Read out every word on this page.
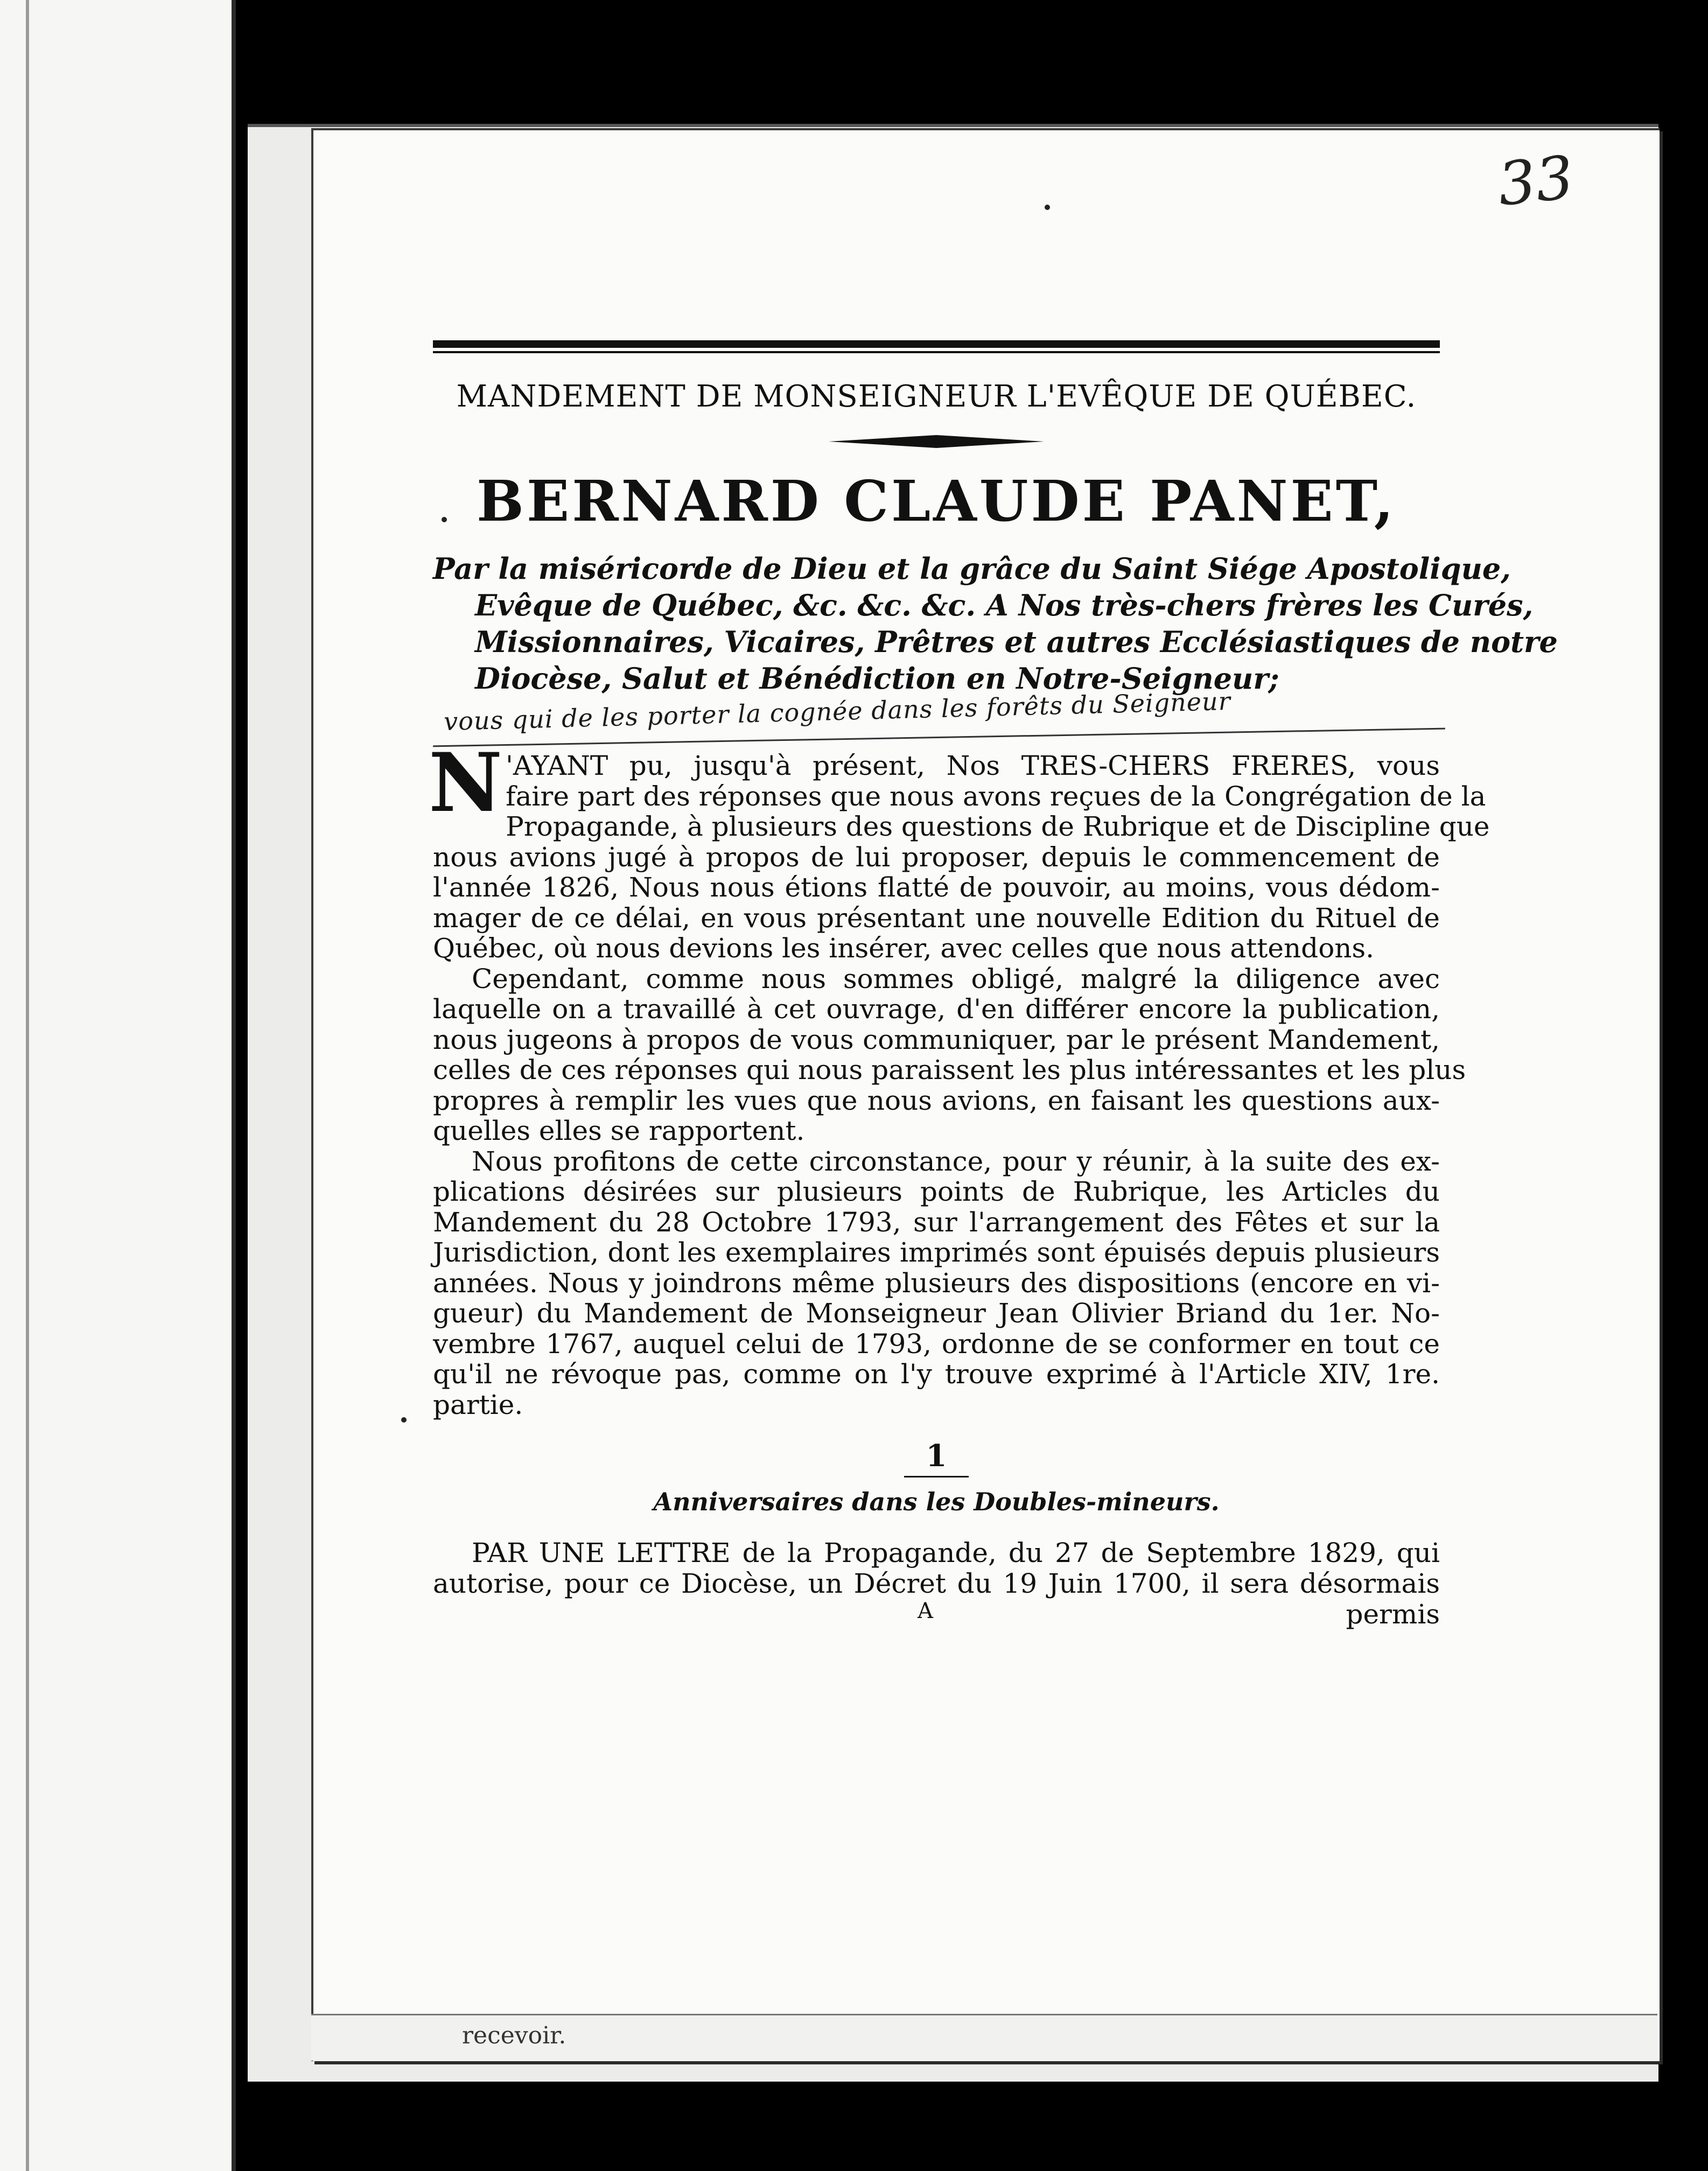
33
MANDEMENT DE MONSEIGNEUR L'EVÊQUE DE QUÉBEC.
BERNARD CLAUDE PANET,
Par la miséricorde de Dieu et la grâce du Saint Siége Apostolique,
Evêque de Québec, &c. &c. &c. A Nos très-chers frères les Curés,
Missionnaires, Vicaires, Prêtres et autres Ecclésiastiques de notre
Diocèse, Salut et Bénédiction en Notre-Seigneur;
vous qui de les porter la cognée dans les forêts du Seigneur
N 'AYANT pu, jusqu'à présent, Nos TRES-CHERS FRERES, vous
faire part des réponses que nous avons reçues de la Congrégation de la
Propagande, à plusieurs des questions de Rubrique et de Discipline que
nous avions jugé à propos de lui proposer, depuis le commencement de
l'année 1826, Nous nous étions flatté de pouvoir, au moins, vous dédom-
mager de ce délai, en vous présentant une nouvelle Edition du Rituel de
Québec, où nous devions les insérer, avec celles que nous attendons.
Cependant, comme nous sommes obligé, malgré la diligence avec
laquelle on a travaillé à cet ouvrage, d'en différer encore la publication,
nous jugeons à propos de vous communiquer, par le présent Mandement,
celles de ces réponses qui nous paraissent les plus intéressantes et les plus
propres à remplir les vues que nous avions, en faisant les questions aux-
quelles elles se rapportent.
Nous profitons de cette circonstance, pour y réunir, à la suite des ex-
plications désirées sur plusieurs points de Rubrique, les Articles du
Mandement du 28 Octobre 1793, sur l'arrangement des Fêtes et sur la
Jurisdiction, dont les exemplaires imprimés sont épuisés depuis plusieurs
années. Nous y joindrons même plusieurs des dispositions (encore en vi-
gueur) du Mandement de Monseigneur Jean Olivier Briand du 1er. No-
vembre 1767, auquel celui de 1793, ordonne de se conformer en tout ce
qu'il ne révoque pas, comme on l'y trouve exprimé à l'Article XIV, 1re.
partie.
1
Anniversaires dans les Doubles-mineurs.
PAR UNE LETTRE de la Propagande, du 27 de Septembre 1829, qui
autorise, pour ce Diocèse, un Décret du 19 Juin 1700, il sera désormais
A	permis
recevoir.
